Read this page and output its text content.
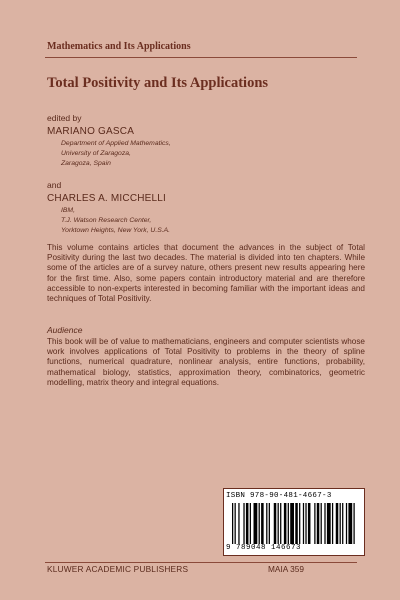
Mathematics and Its Applications
Total Positivity and Its Applications
edited by
MARIANO GASCA
Department of Applied Mathematics,
University of Zaragoza,
Zaragoza, Spain
and
CHARLES A. MICCHELLI
IBM,
T.J. Watson Research Center,
Yorktown Heights, New York, U.S.A.
This volume contains articles that document the advances in the subject of Total Positivity during the last two decades. The material is divided into ten chapters. While some of the articles are of a survey nature, others present new results appearing here for the first time. Also, some papers contain introductory material and are therefore accessible to non-experts interested in becoming familiar with the important ideas and techniques of Total Positivity.
Audience
This book will be of value to mathematicians, engineers and computer scientists whose work involves applications of Total Positivity to problems in the theory of spline functions, numerical quadrature, nonlinear analysis, entire functions, probability, mathematical biology, statistics, approximation theory, combinatorics, geometric modelling, matrix theory and integral equations.
ISBN 978-90-481-4667-3
9 789048 146673
KLUWER ACADEMIC PUBLISHERS	MAIA 359
